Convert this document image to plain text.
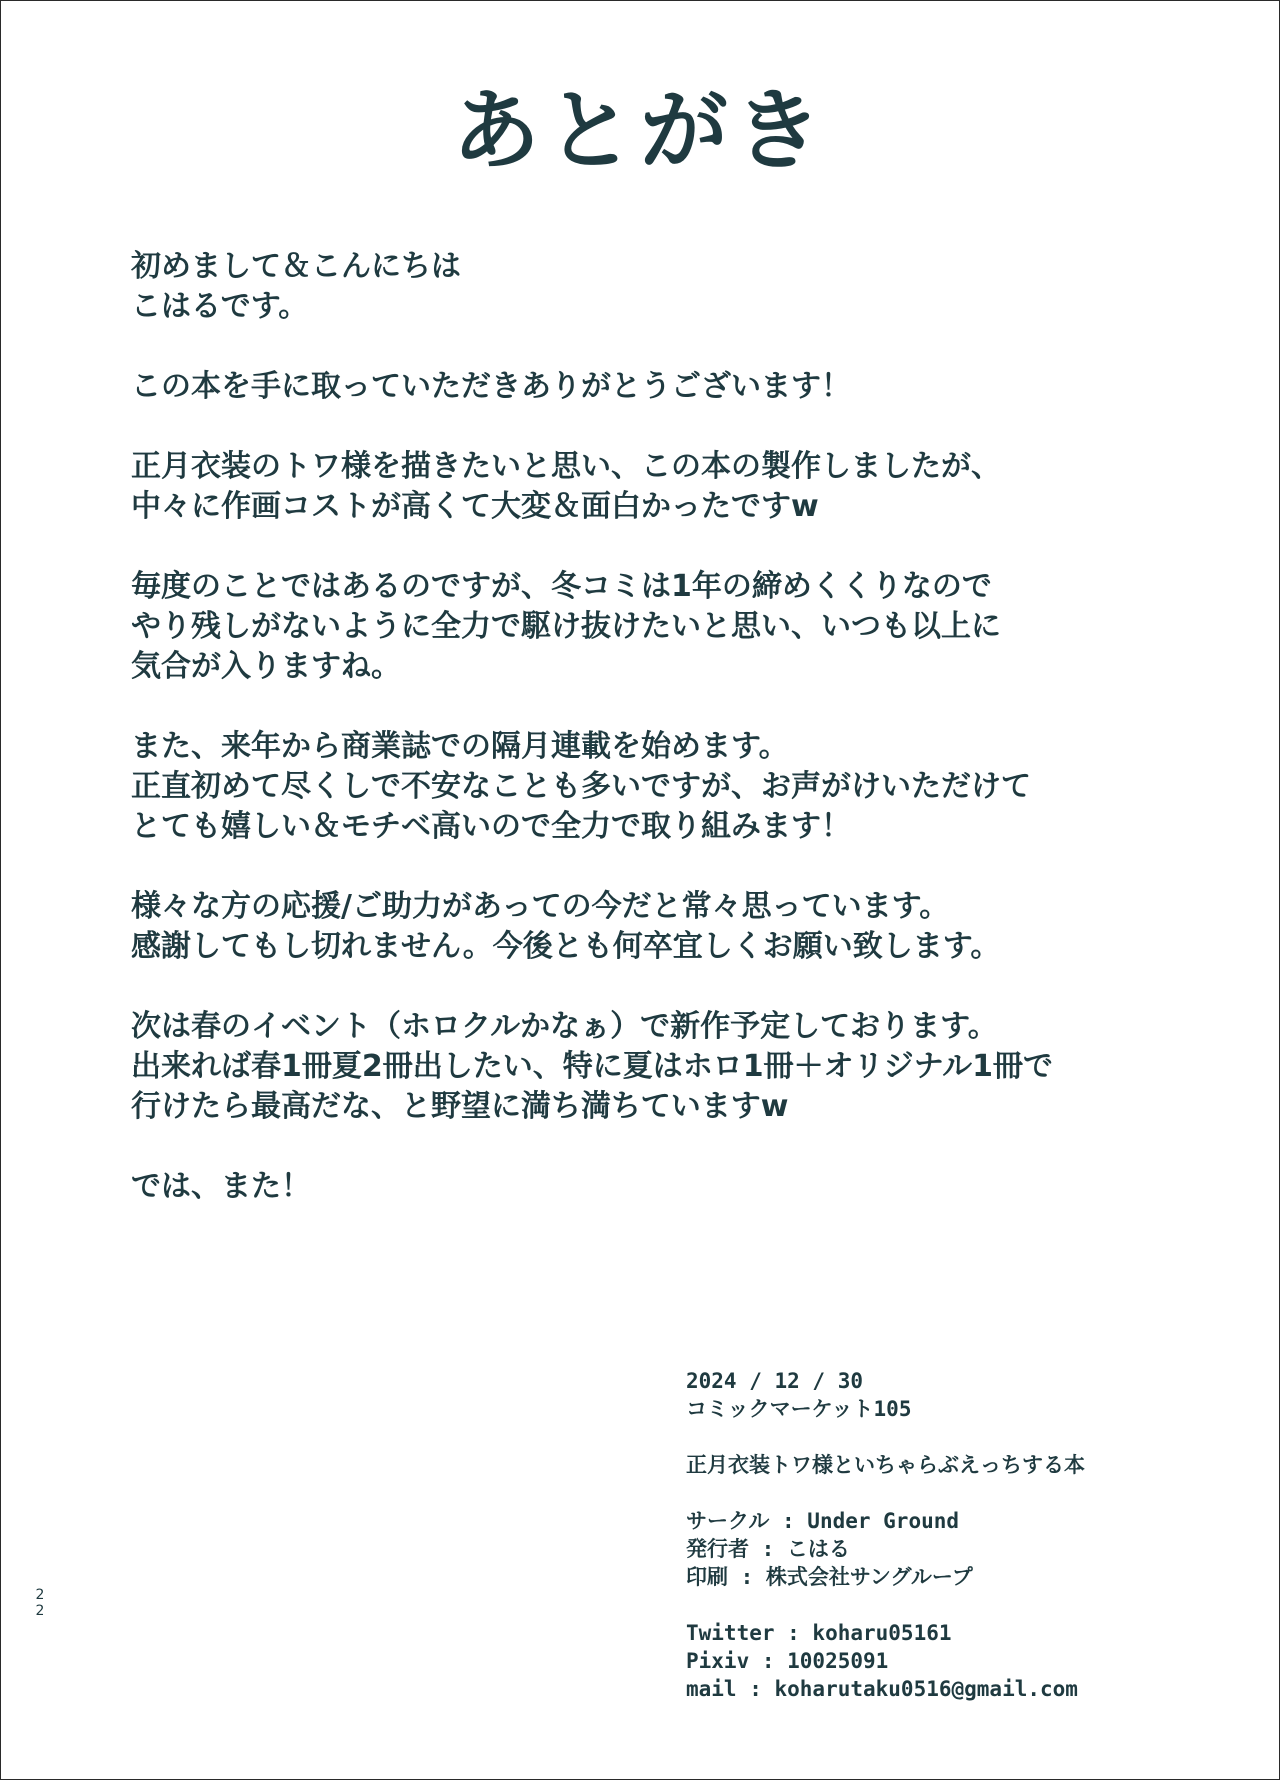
あとがき
初めまして＆こんにちは
こはるです。
この本を手に取っていただきありがとうございます！
正月衣装のトワ様を描きたいと思い、この本の製作しましたが、
中々に作画コストが高くて大変＆面白かったですw
毎度のことではあるのですが、冬コミは1年の締めくくりなので
やり残しがないように全力で駆け抜けたいと思い、いつも以上に
気合が入りますね。
また、来年から商業誌での隔月連載を始めます。
正直初めて尽くしで不安なことも多いですが、お声がけいただけて
とても嬉しい＆モチベ高いので全力で取り組みます！
様々な方の応援/ご助力があっての今だと常々思っています。
感謝してもし切れません。今後とも何卒宜しくお願い致します。
次は春のイベント（ホロクルかなぁ）で新作予定しております。
出来れば春1冊夏2冊出したい、特に夏はホロ1冊＋オリジナル1冊で
行けたら最高だな、と野望に満ち満ちていますw
では、また！
2024 / 12 / 30
コミックマーケット105
正月衣装トワ様といちゃらぶえっちする本
サークル : Under Ground
発行者 : こはる
印刷 : 株式会社サングループ
Twitter : koharu05161
Pixiv : 10025091
mail : koharutaku0516@gmail.com
2
2
